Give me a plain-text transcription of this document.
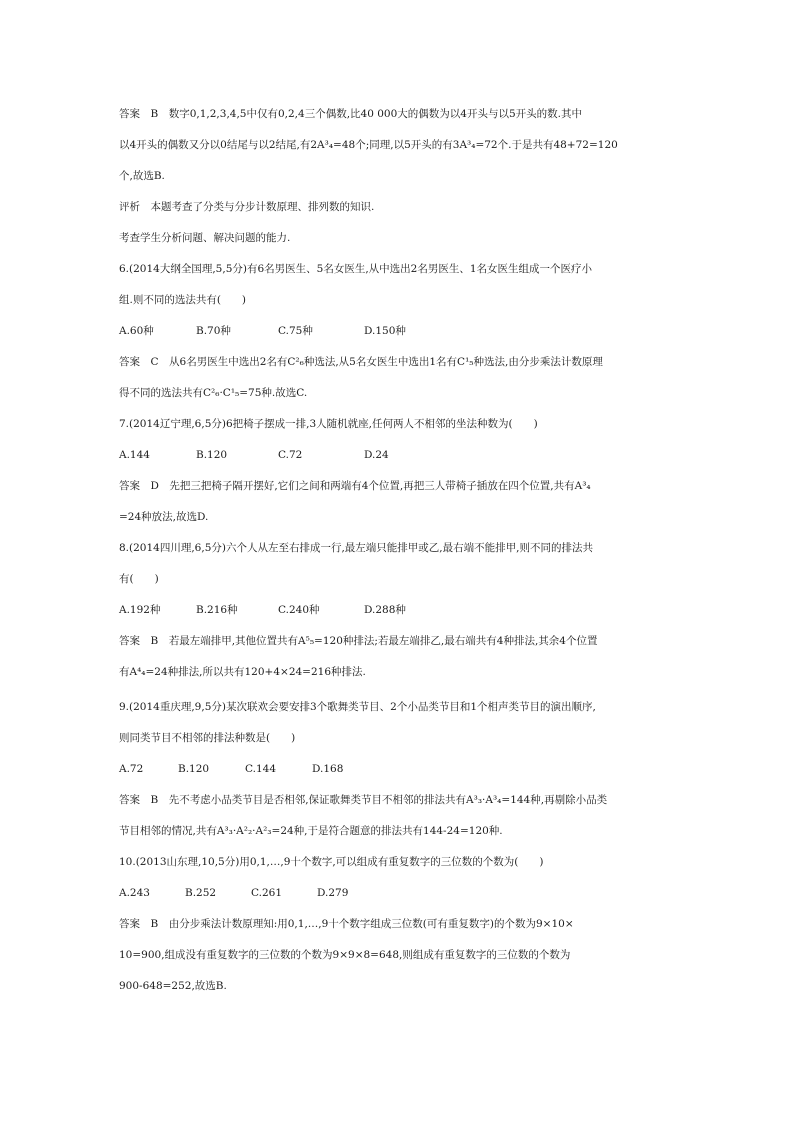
答案　B　数字0,1,2,3,4,5中仅有0,2,4三个偶数,比40 000大的偶数为以4开头与以5开头的数.其中
以4开头的偶数又分以0结尾与以2结尾,有2A³₄=48个;同理,以5开头的有3A³₄=72个.于是共有48+72=120
个,故选B.
评析　本题考查了分类与分步计数原理、排列数的知识.
考查学生分析问题、解决问题的能力.
6.(2014大纲全国理,5,5分)有6名男医生、5名女医生,从中选出2名男医生、1名女医生组成一个医疗小
组.则不同的选法共有(　　)
A.60种	B.70种	C.75种	D.150种
答案　C　从6名男医生中选出2名有C²₆种选法,从5名女医生中选出1名有C¹₅种选法,由分步乘法计数原理
得不同的选法共有C²₆·C¹₅=75种.故选C.
7.(2014辽宁理,6,5分)6把椅子摆成一排,3人随机就座,任何两人不相邻的坐法种数为(　　)
A.144	B.120	C.72	D.24
答案　D　先把三把椅子隔开摆好,它们之间和两端有4个位置,再把三人带椅子插放在四个位置,共有A³₄
=24种放法,故选D.
8.(2014四川理,6,5分)六个人从左至右排成一行,最左端只能排甲或乙,最右端不能排甲,则不同的排法共
有(　　)
A.192种	B.216种	C.240种	D.288种
答案　B　若最左端排甲,其他位置共有A⁵₅=120种排法;若最左端排乙,最右端共有4种排法,其余4个位置
有A⁴₄=24种排法,所以共有120+4×24=216种排法.
9.(2014重庆理,9,5分)某次联欢会要安排3个歌舞类节目、2个小品类节目和1个相声类节目的演出顺序,
则同类节目不相邻的排法种数是(　　)
A.72	B.120	C.144	D.168
答案　B　先不考虑小品类节目是否相邻,保证歌舞类节目不相邻的排法共有A³₃·A³₄=144种,再剔除小品类
节目相邻的情况,共有A³₃·A²₂·A²₃=24种,于是符合题意的排法共有144-24=120种.
10.(2013山东理,10,5分)用0,1,…,9十个数字,可以组成有重复数字的三位数的个数为(　　)
A.243	B.252	C.261	D.279
答案　B　由分步乘法计数原理知:用0,1,…,9十个数字组成三位数(可有重复数字)的个数为9×10×
10=900,组成没有重复数字的三位数的个数为9×9×8=648,则组成有重复数字的三位数的个数为
900-648=252,故选B.
